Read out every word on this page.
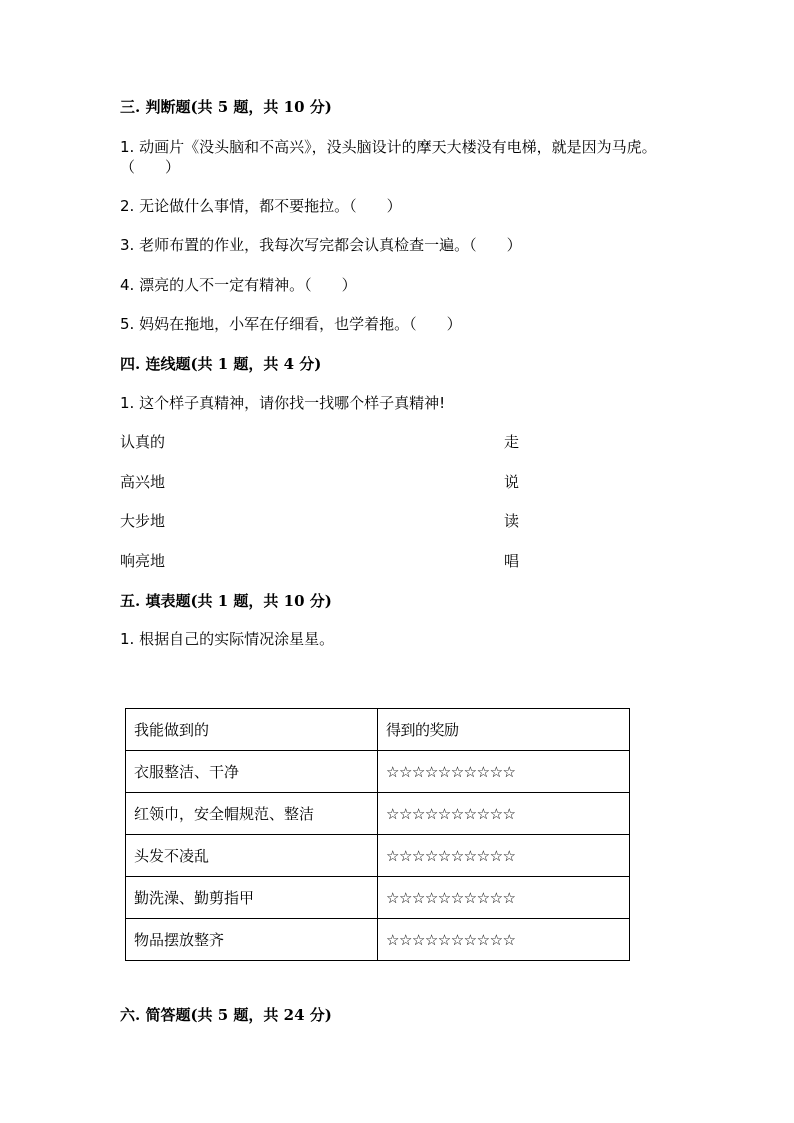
三. 判断题(共 5 题，共 10 分)
1. 动画片《没头脑和不高兴》，没头脑设计的摩天大楼没有电梯，就是因为马虎。（　　）
2. 无论做什么事情，都不要拖拉。（　　）
3. 老师布置的作业，我每次写完都会认真检查一遍。（　　）
4. 漂亮的人不一定有精神。（　　）
5. 妈妈在拖地，小军在仔细看，也学着拖。（　　）
四. 连线题(共 1 题，共 4 分)
1. 这个样子真精神，请你找一找哪个样子真精神!
认真的	走
高兴地	说
大步地	读
响亮地	唱
五. 填表题(共 1 题，共 10 分)
1. 根据自己的实际情况涂星星。
我能做到的	得到的奖励
衣服整洁、干净	☆☆☆☆☆☆☆☆☆☆
红领巾，安全帽规范、整洁	☆☆☆☆☆☆☆☆☆☆
头发不凌乱	☆☆☆☆☆☆☆☆☆☆
勤洗澡、勤剪指甲	☆☆☆☆☆☆☆☆☆☆
物品摆放整齐	☆☆☆☆☆☆☆☆☆☆
六. 简答题(共 5 题，共 24 分)
